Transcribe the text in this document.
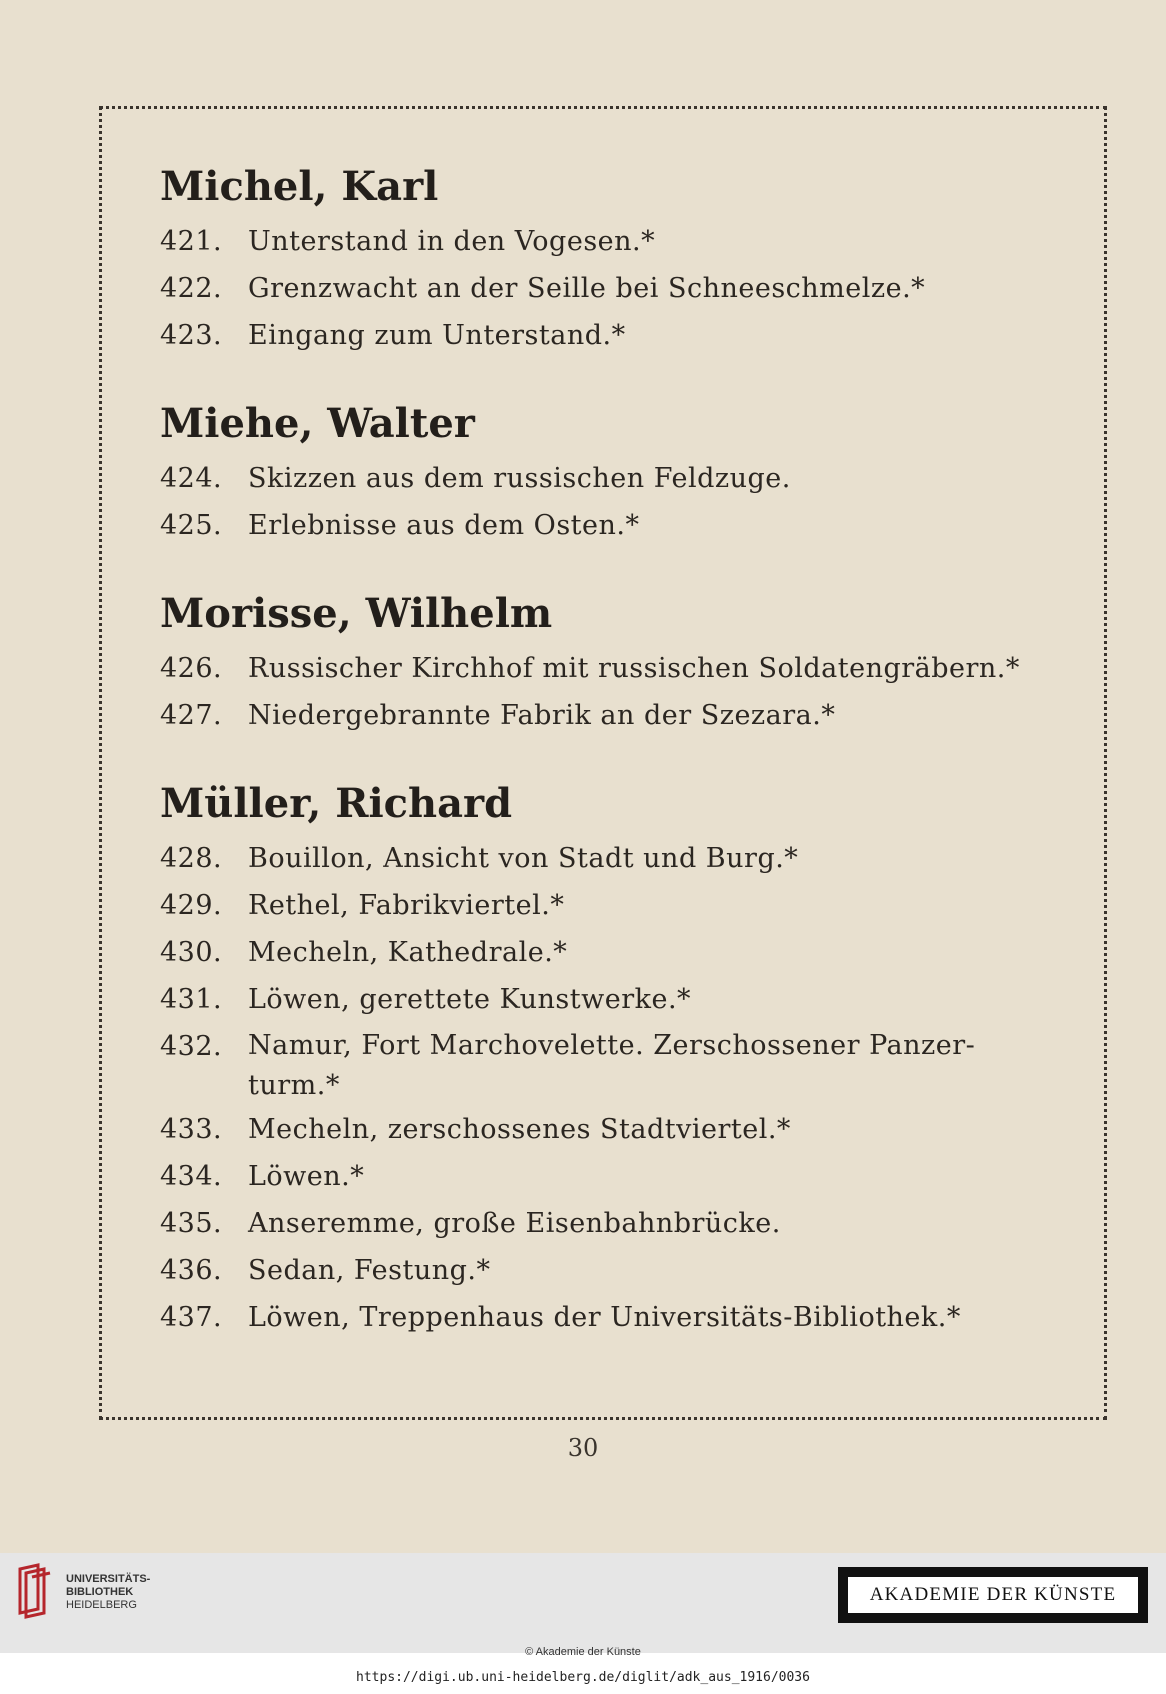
Michel, Karl
421. Unterstand in den Vogesen.*
422. Grenzwacht an der Seille bei Schneeschmelze.*
423. Eingang zum Unterstand.*
Miehe, Walter
424. Skizzen aus dem russischen Feldzuge.
425. Erlebnisse aus dem Osten.*
Morisse, Wilhelm
426. Russischer Kirchhof mit russischen Soldatengräbern.*
427. Niedergebrannte Fabrik an der Szezara.*
Müller, Richard
428. Bouillon, Ansicht von Stadt und Burg.*
429. Rethel, Fabrikviertel.*
430. Mecheln, Kathedrale.*
431. Löwen, gerettete Kunstwerke.*
432. Namur, Fort Marchovelette. Zerschossener Panzer-turm.*
433. Mecheln, zerschossenes Stadtviertel.*
434. Löwen.*
435. Anseremme, große Eisenbahnbrücke.
436. Sedan, Festung.*
437. Löwen, Treppenhaus der Universitäts-Bibliothek.*
30
UNIVERSITÄTS-
BIBLIOTHEK
HEIDELBERG	AKADEMIE DER KÜNSTE
© Akademie der Künste
https://digi.ub.uni-heidelberg.de/diglit/adk_aus_1916/0036
